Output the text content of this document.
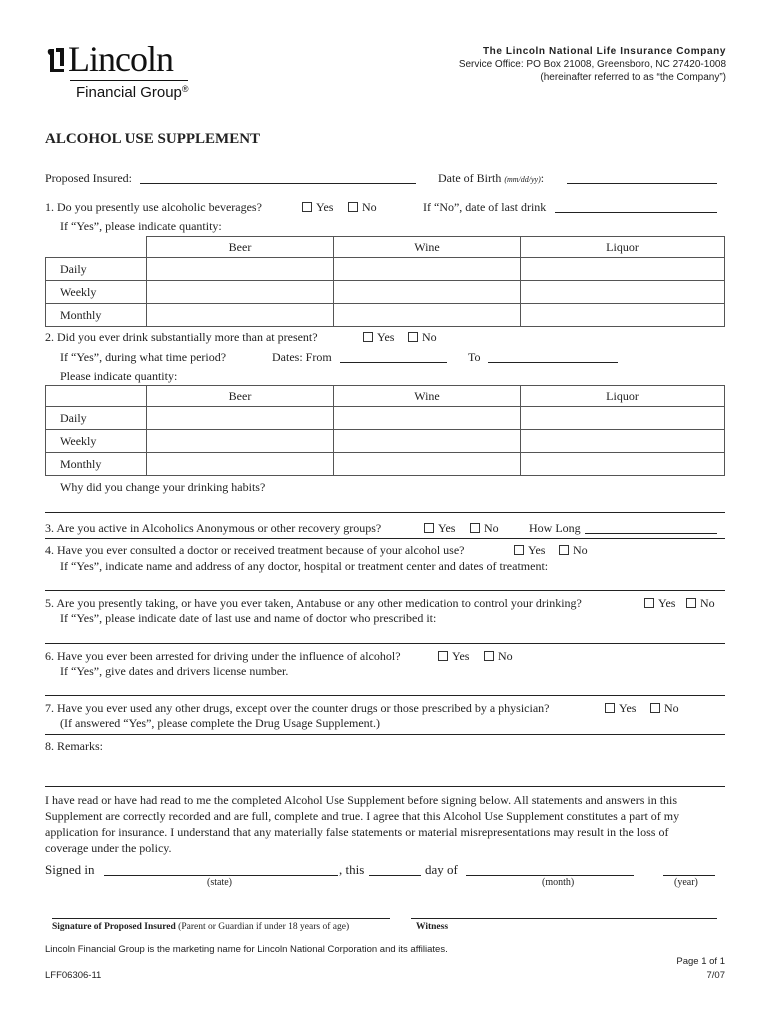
Lincoln
Financial Group®
The Lincoln National Life Insurance Company
Service Office: PO Box 21008, Greensboro, NC 27420-1008
(hereinafter referred to as “the Company”)
ALCOHOL USE SUPPLEMENT
Proposed Insured:	Date of Birth (mm/dd/yy):
1. Do you presently use alcoholic beverages?	Yes	No	If “No”, date of last drink
If “Yes”, please indicate quantity:
	Beer	Wine	Liquor
Daily			
Weekly			
Monthly			
2. Did you ever drink substantially more than at present?	Yes	No
If “Yes”, during what time period?	Dates: From	To
Please indicate quantity:
	Beer	Wine	Liquor
Daily			
Weekly			
Monthly			
Why did you change your drinking habits?
3. Are you active in Alcoholics Anonymous or other recovery groups?	Yes	No	How Long
4. Have you ever consulted a doctor or received treatment because of your alcohol use?	Yes	No
If “Yes”, indicate name and address of any doctor, hospital or treatment center and dates of treatment:
5. Are you presently taking, or have you ever taken, Antabuse or any other medication to control your drinking?	Yes	No
If “Yes”, please indicate date of last use and name of doctor who prescribed it:
6. Have you ever been arrested for driving under the influence of alcohol?	Yes	No
If “Yes”, give dates and drivers license number.
7. Have you ever used any other drugs, except over the counter drugs or those prescribed by a physician?	Yes	No
(If answered “Yes”, please complete the Drug Usage Supplement.)
8. Remarks:
I have read or have had read to me the completed Alcohol Use Supplement before signing below. All statements and answers in this
Supplement are correctly recorded and are full, complete and true. I agree that this Alcohol Use Supplement constitutes a part of my
application for insurance. I understand that any materially false statements or material misrepresentations may result in the loss of
coverage under the policy.
Signed in	, this	day of
(state)	(month)	(year)
Signature of Proposed Insured (Parent or Guardian if under 18 years of age)	Witness
Lincoln Financial Group is the marketing name for Lincoln National Corporation and its affiliates.
Page 1 of 1
LFF06306-11	7/07
